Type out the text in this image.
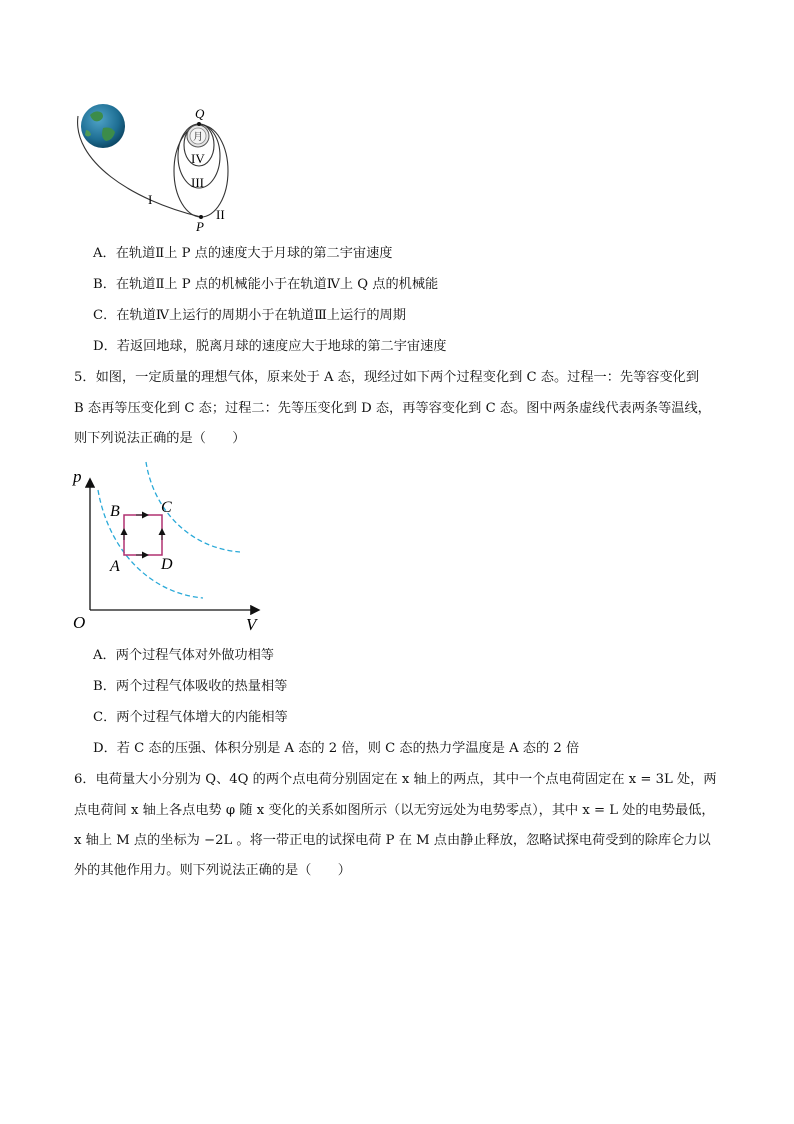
月
Q
P
I
II
III
IV
A．在轨道Ⅱ上 P 点的速度大于月球的第二宇宙速度
B．在轨道Ⅱ上 P 点的机械能小于在轨道Ⅳ上 Q 点的机械能
C．在轨道Ⅳ上运行的周期小于在轨道Ⅲ上运行的周期
D．若返回地球，脱离月球的速度应大于地球的第二宇宙速度
5．如图，一定质量的理想气体，原来处于 A 态，现经过如下两个过程变化到 C 态。过程一：先等容变化到
B 态再等压变化到 C 态；过程二：先等压变化到 D 态，再等容变化到 C 态。图中两条虚线代表两条等温线，
则下列说法正确的是（　　）
p
V
O
B	C
A	D
A．两个过程气体对外做功相等
B．两个过程气体吸收的热量相等
C．两个过程气体增大的内能相等
D．若 C 态的压强、体积分别是 A 态的 2 倍，则 C 态的热力学温度是 A 态的 2 倍
6．电荷量大小分别为 Q、4Q 的两个点电荷分别固定在 x 轴上的两点，其中一个点电荷固定在 x = 3L 处，两
点电荷间 x 轴上各点电势 φ 随 x 变化的关系如图所示（以无穷远处为电势零点），其中 x = L 处的电势最低，
x 轴上 M 点的坐标为 −2L 。将一带正电的试探电荷 P 在 M 点由静止释放，忽略试探电荷受到的除库仑力以
外的其他作用力。则下列说法正确的是（　　）
